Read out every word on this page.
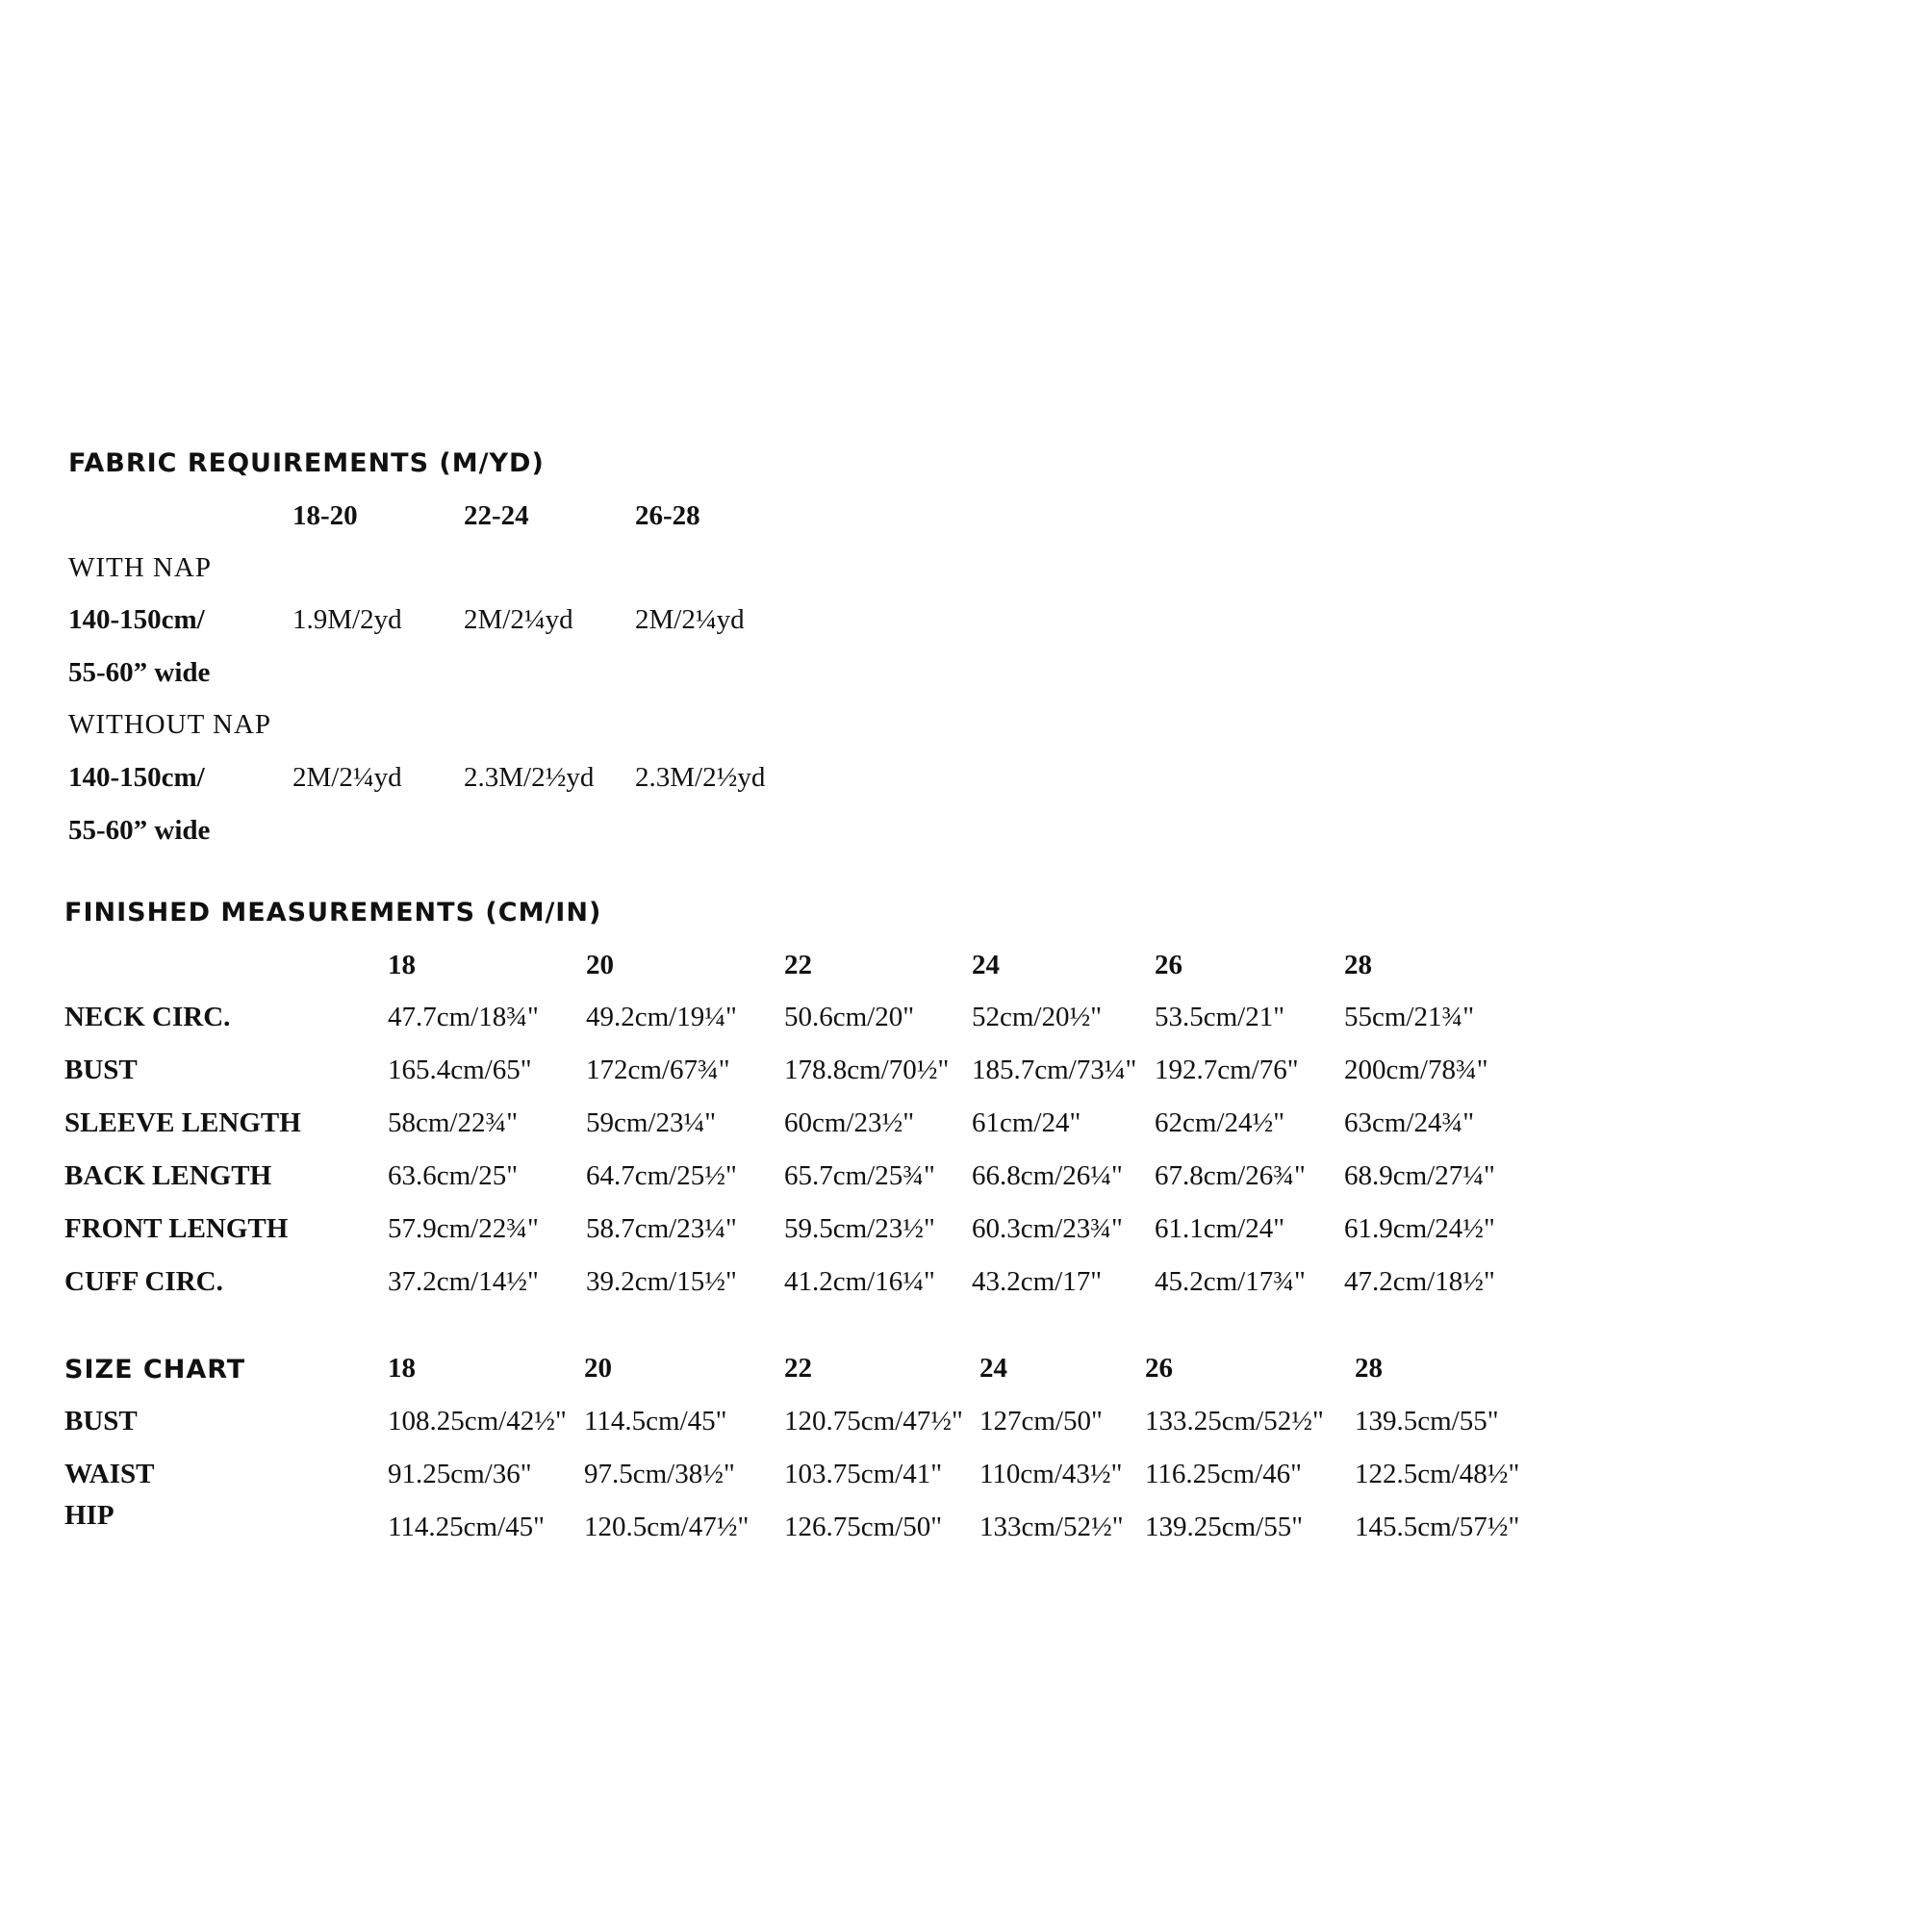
FABRIC REQUIREMENTS (M/YD)
18-20	22-24	26-28
WITH NAP
140-150cm/
55-60” wide
1.9M/2yd 2M/2¼yd 2M/2¼yd
WITHOUT NAP
140-150cm/
55-60” wide
2M/2¼yd 2.3M/2½yd 2.3M/2½yd
FINISHED MEASUREMENTS (CM/IN)
18	20	22	24	26	28
NECK CIRC.	47.7cm/18¾" 49.2cm/19¼" 50.6cm/20" 52cm/20½" 53.5cm/21" 55cm/21¾"
BUST	165.4cm/65" 172cm/67¾" 178.8cm/70½" 185.7cm/73¼" 192.7cm/76" 200cm/78¾"
SLEEVE LENGTH	58cm/22¾" 59cm/23¼" 60cm/23½" 61cm/24"	62cm/24½" 63cm/24¾"
BACK LENGTH	63.6cm/25" 64.7cm/25½" 65.7cm/25¾" 66.8cm/26¼" 67.8cm/26¾" 68.9cm/27¼"
FRONT LENGTH	57.9cm/22¾" 58.7cm/23¼" 59.5cm/23½" 60.3cm/23¾" 61.1cm/24" 61.9cm/24½"
CUFF CIRC.	37.2cm/14½" 39.2cm/15½" 41.2cm/16¼" 43.2cm/17" 45.2cm/17¾" 47.2cm/18½"
SIZE CHART	18	20	22	24	26	28
BUST	108.25cm/42½" 114.5cm/45" 120.75cm/47½" 127cm/50" 133.25cm/52½" 139.5cm/55"
WAIST	91.25cm/36" 97.5cm/38½" 103.75cm/41" 110cm/43½" 116.25cm/46" 122.5cm/48½"
HIP	114.25cm/45" 120.5cm/47½" 126.75cm/50" 133cm/52½" 139.25cm/55" 145.5cm/57½"
